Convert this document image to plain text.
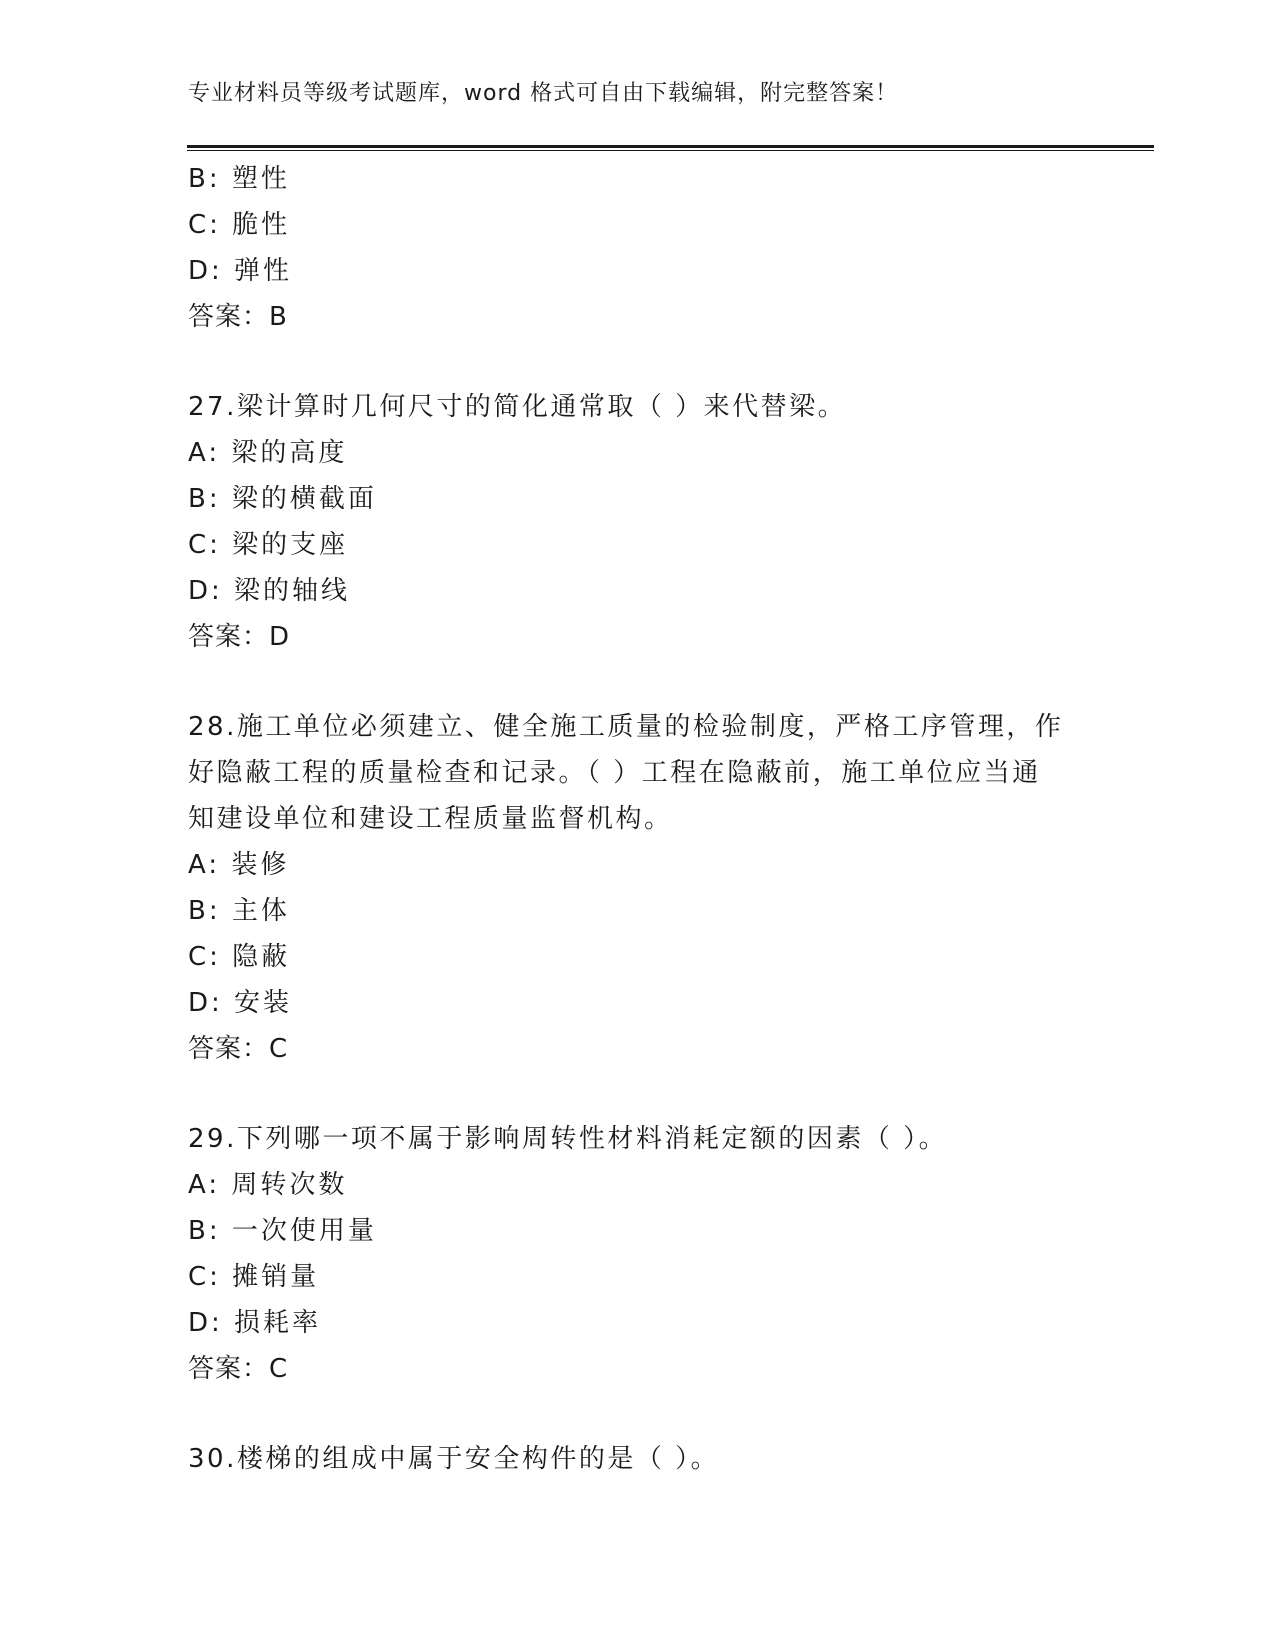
专业材料员等级考试题库，word 格式可自由下载编辑，附完整答案！
B: 塑性
C: 脆性
D: 弹性
答案：B
27.梁计算时几何尺寸的简化通常取（ ）来代替梁。
A: 梁的高度
B: 梁的横截面
C: 梁的支座
D: 梁的轴线
答案：D
28.施工单位必须建立、健全施工质量的检验制度，严格工序管理，作
好隐蔽工程的质量检查和记录。（ ）工程在隐蔽前，施工单位应当通
知建设单位和建设工程质量监督机构。
A: 装修
B: 主体
C: 隐蔽
D: 安装
答案：C
29.下列哪一项不属于影响周转性材料消耗定额的因素（ ）。
A: 周转次数
B: 一次使用量
C: 摊销量
D: 损耗率
答案：C
30.楼梯的组成中属于安全构件的是（ ）。
